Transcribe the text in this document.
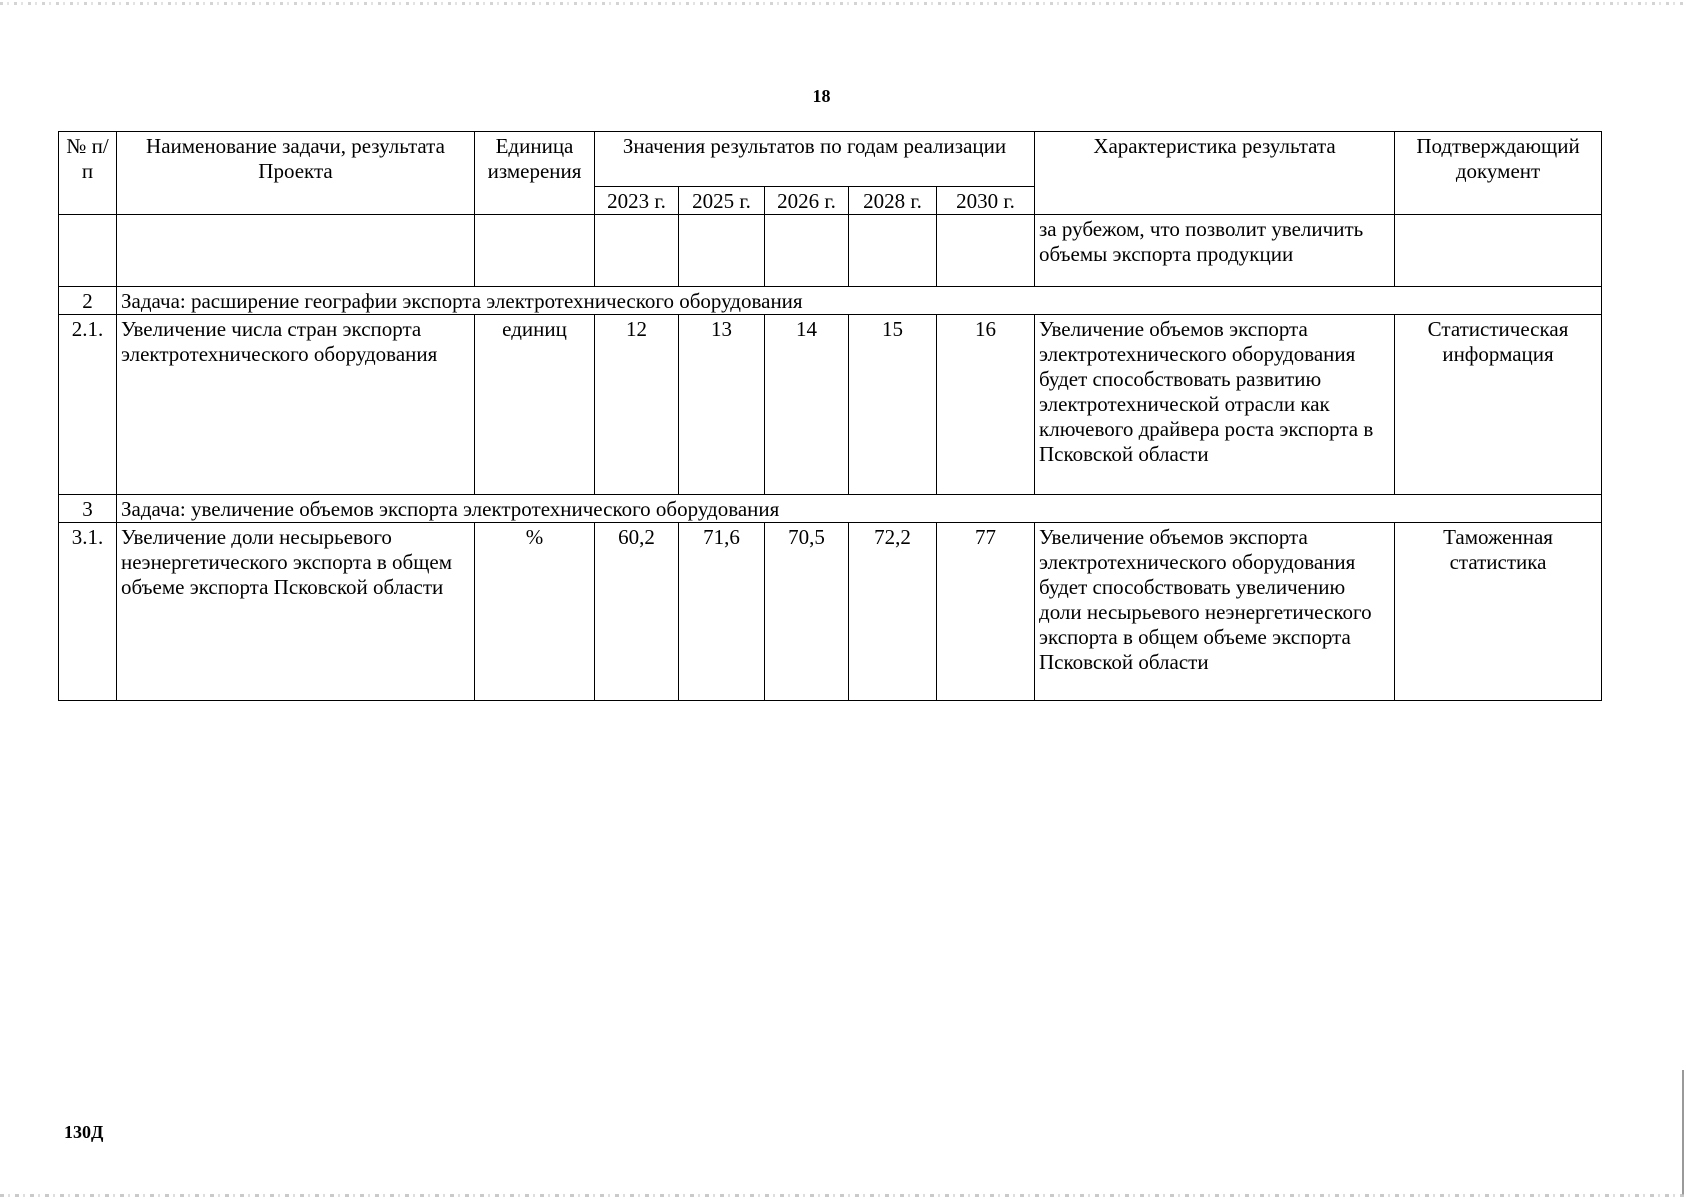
18
№ п/п	Наименование задачи, результата Проекта	Единица измерения	Значения результатов по годам реализации					Характеристика результата	Подтверждающий документ
			2023 г.	2025 г.	2026 г.	2028 г.	2030 г.		
								за рубежом, что позволит увеличить объемы экспорта продукции	
2	Задача: расширение географии экспорта электротехнического оборудования								
2.1.	Увеличение числа стран экспорта электротехнического оборудования	единиц	12	13	14	15	16	Увеличение объемов экспорта электротехнического оборудования будет способствовать развитию электротехнической отрасли как ключевого драйвера роста экспорта в Псковской области	Статистическая информация
3	Задача: увеличение объемов экспорта электротехнического оборудования								
3.1.	Увеличение доли несырьевого неэнергетического экспорта в общем объеме экспорта Псковской области	%	60,2	71,6	70,5	72,2	77	Увеличение объемов экспорта электротехнического оборудования будет способствовать увеличению доли несырьевого неэнергетического экспорта в общем объеме экспорта Псковской области	Таможенная статистика
130Д
